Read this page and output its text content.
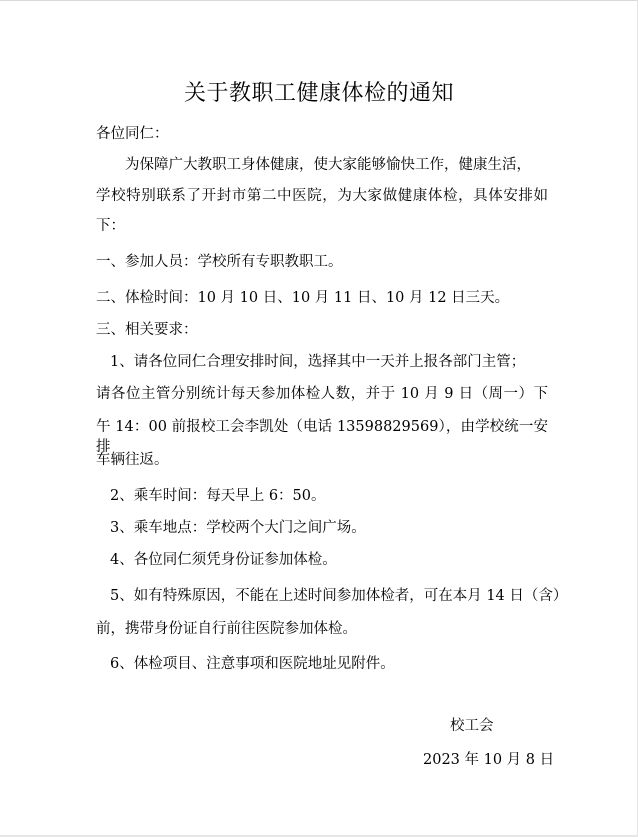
关于教职工健康体检的通知
各位同仁：
为保障广大教职工身体健康，使大家能够愉快工作，健康生活，
学校特别联系了开封市第二中医院，为大家做健康体检，具体安排如
下：
一、参加人员：学校所有专职教职工。
二、体检时间：10 月 10 日、10 月 11 日、10 月 12 日三天。
三、相关要求：
1、请各位同仁合理安排时间，选择其中一天并上报各部门主管；
请各位主管分别统计每天参加体检人数，并于 10 月 9 日（周一）下
午 14：00 前报校工会李凯处（电话 13598829569），由学校统一安排
车辆往返。
2、乘车时间：每天早上 6：50。
3、乘车地点：学校两个大门之间广场。
4、各位同仁须凭身份证参加体检。
5、如有特殊原因，不能在上述时间参加体检者，可在本月 14 日（含）
前，携带身份证自行前往医院参加体检。
6、体检项目、注意事项和医院地址见附件。
校工会
2023 年 10 月 8 日
